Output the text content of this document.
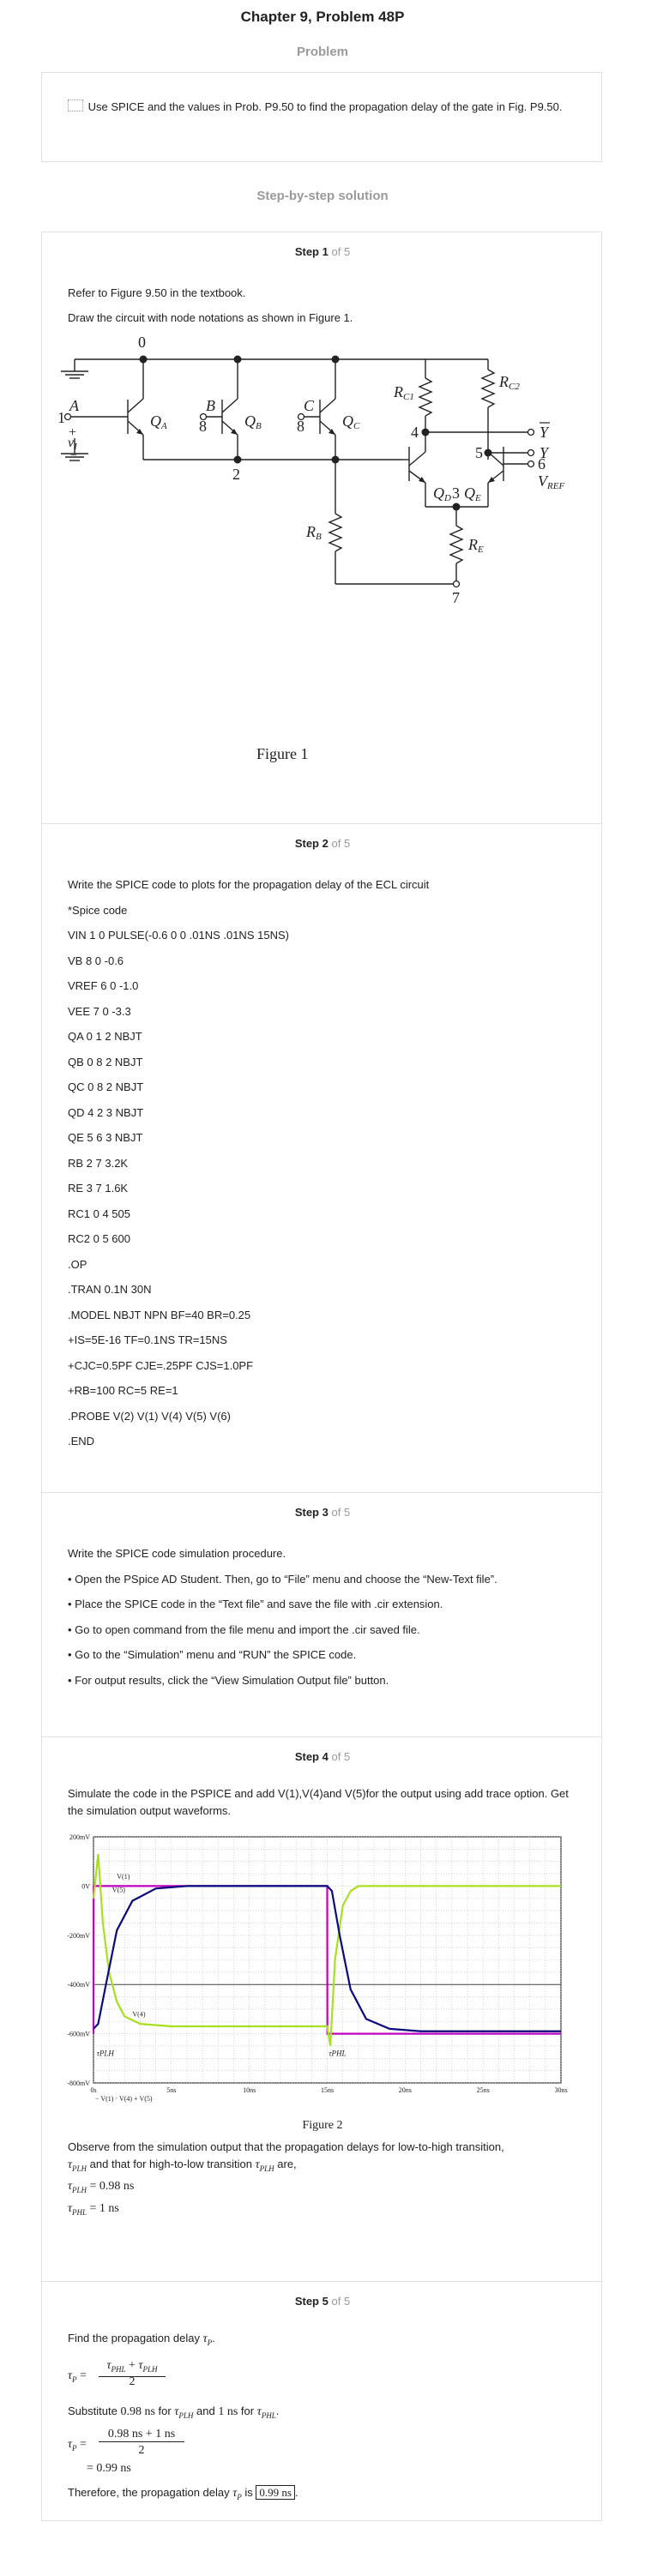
Chapter 9, Problem 48P
Problem
Use SPICE and the values in Prob. P9.50 to find the propagation delay of the gate in Fig. P9.50.
Step-by-step solution
Step 1 of 5
Refer to Figure 9.50 in the textbook.
Draw the circuit with node notations as shown in Figure 1.
0
2
4
5
3
6
7
1	8	8
A	B	C
+
vI
−
QA	QB	QC
QD QE
RC1
RC2
RB	RE
Y
Y
VREF
Figure 1
Step 2 of 5
Write the SPICE code to plots for the propagation delay of the ECL circuit
*Spice code
VIN 1 0 PULSE(-0.6 0 0 .01NS .01NS 15NS)
VB 8 0 -0.6
VREF 6 0 -1.0
VEE 7 0 -3.3
QA 0 1 2 NBJT
QB 0 8 2 NBJT
QC 0 8 2 NBJT
QD 4 2 3 NBJT
QE 5 6 3 NBJT
RB 2 7 3.2K
RE 3 7 1.6K
RC1 0 4 505
RC2 0 5 600
.OP
.TRAN 0.1N 30N
.MODEL NBJT NPN BF=40 BR=0.25
+IS=5E-16 TF=0.1NS TR=15NS
+CJC=0.5PF CJE=.25PF CJS=1.0PF
+RB=100 RC=5 RE=1
.PROBE V(2) V(1) V(4) V(5) V(6)
.END
Step 3 of 5
Write the SPICE code simulation procedure.
• Open the PSpice AD Student. Then, go to “File” menu and choose the “New-Text file”.
• Place the SPICE code in the “Text file” and save the file with .cir extension.
• Go to open command from the file menu and import the .cir saved file.
• Go to the “Simulation” menu and “RUN” the SPICE code.
• For output results, click the “View Simulation Output file” button.
Step 4 of 5
Simulate the code in the PSPICE and add V(1),V(4)and V(5)for the output using add trace option. Get the simulation output waveforms.
200mV
0V
-200mV
-400mV
-600mV
-800mV
0s	5ns	10ns	15ns	20ns	25ns	30ns
V(1)
V(5)
V(4)
τPLH	τPHL
− V(1) · V(4) + V(5)
Figure 2
Observe from the simulation output that the propagation delays for low-to-high transition,
$\tau_{PLH}$ and that for high-to-low transition $\tau_{PLH}$ are,
$\tau_{PLH} = 0.98$ ns
$\tau_{PHL} = 1$ ns
Step 5 of 5
Find the propagation delay $\tau_P$.
$\tau_P$ =
$\tau_{PHL} + \tau_{PLH}$
2
Substitute 0.98 ns for $\tau_{PLH}$ and 1 ns for $\tau_{PHL}$.
$\tau_P$ =
0.98 ns + 1 ns
2
= 0.99 ns
Therefore, the propagation delay $\tau_P$ is 0.99 ns .
